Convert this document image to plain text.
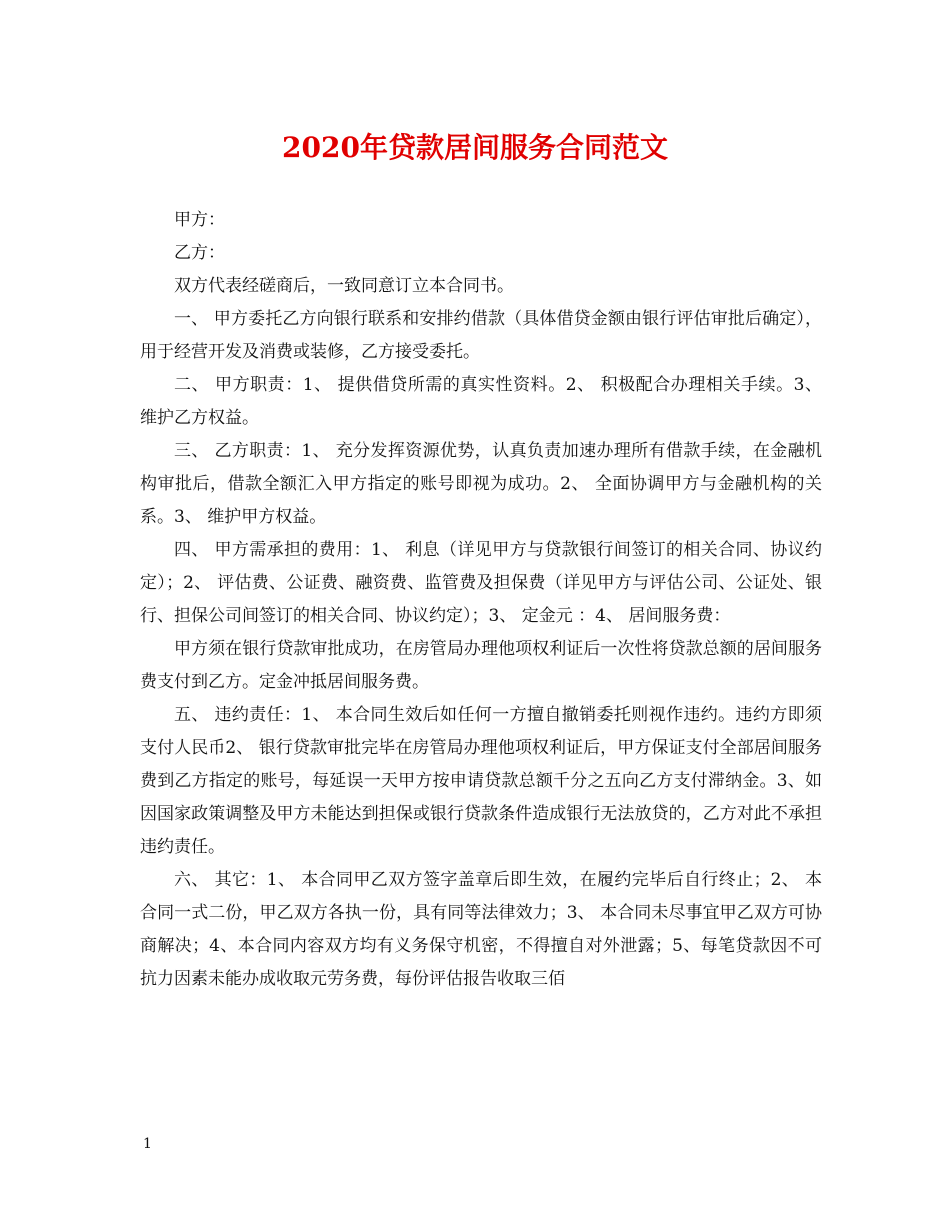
2020年贷款居间服务合同范文

甲方：

乙方：

双方代表经磋商后，一致同意订立本合同书。

一、 甲方委托乙方向银行联系和安排约借款（具体借贷金额由银行评估审批后确定），用于经营开发及消费或装修，乙方接受委托。

二、 甲方职责：1、 提供借贷所需的真实性资料。2、 积极配合办理相关手续。3、 维护乙方权益。

三、 乙方职责：1、 充分发挥资源优势，认真负责加速办理所有借款手续，在金融机构审批后，借款全额汇入甲方指定的账号即视为成功。2、 全面协调甲方与金融机构的关系。3、 维护甲方权益。

四、 甲方需承担的费用：1、 利息（详见甲方与贷款银行间签订的相关合同、协议约定）；2、 评估费、公证费、融资费、监管费及担保费（详见甲方与评估公司、公证处、银行、担保公司间签订的相关合同、协议约定）；3、 定金元 ：4、 居间服务费：

甲方须在银行贷款审批成功，在房管局办理他项权利证后一次性将贷款总额的居间服务费支付到乙方。定金冲抵居间服务费。

五、 违约责任：1、 本合同生效后如任何一方擅自撤销委托则视作违约。违约方即须支付人民币2、 银行贷款审批完毕在房管局办理他项权利证后，甲方保证支付全部居间服务费到乙方指定的账号，每延误一天甲方按申请贷款总额千分之五向乙方支付滞纳金。3、如因国家政策调整及甲方未能达到担保或银行贷款条件造成银行无法放贷的，乙方对此不承担违约责任。

六、 其它：1、 本合同甲乙双方签字盖章后即生效，在履约完毕后自行终止；2、 本合同一式二份，甲乙双方各执一份，具有同等法律效力；3、 本合同未尽事宜甲乙双方可协商解决；4、本合同内容双方均有义务保守机密，不得擅自对外泄露；5、每笔贷款因不可抗力因素未能办成收取元劳务费，每份评估报告收取三佰

1
